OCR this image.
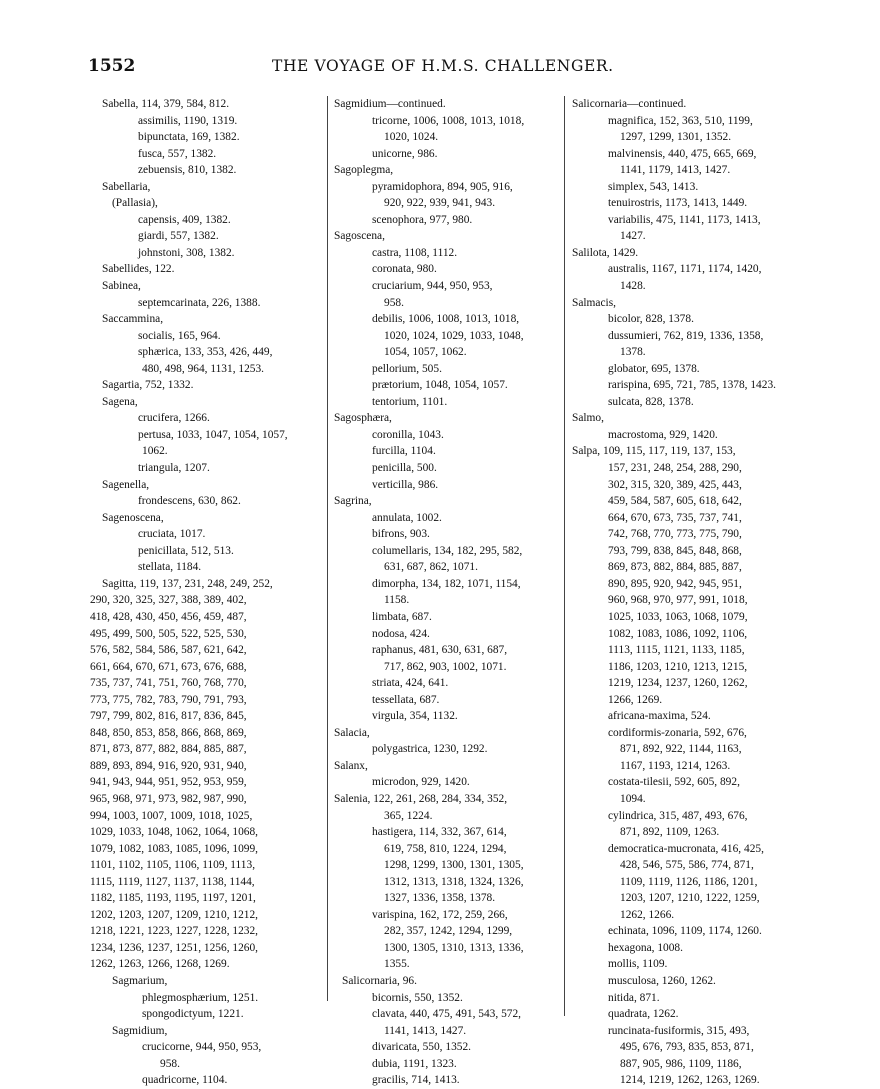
1552	THE VOYAGE OF H.M.S. CHALLENGER.
Sabella, 114, 379, 584, 812.
assimilis, 1190, 1319.
bipunctata, 169, 1382.
fusca, 557, 1382.
zebuensis, 810, 1382.
Sabellaria,
(Pallasia),
capensis, 409, 1382.
giardi, 557, 1382.
johnstoni, 308, 1382.
Sabellides, 122.
Sabinea,
septemcarinata, 226, 1388.
Saccammina,
socialis, 165, 964.
sphærica, 133, 353, 426, 449,
480, 498, 964, 1131, 1253.
Sagartia, 752, 1332.
Sagena,
crucifera, 1266.
pertusa, 1033, 1047, 1054, 1057,
1062.
triangula, 1207.
Sagenella,
frondescens, 630, 862.
Sagenoscena,
cruciata, 1017.
penicillata, 512, 513.
stellata, 1184.
Sagitta, 119, 137, 231, 248, 249, 252,
290, 320, 325, 327, 388, 389, 402,
418, 428, 430, 450, 456, 459, 487,
495, 499, 500, 505, 522, 525, 530,
576, 582, 584, 586, 587, 621, 642,
661, 664, 670, 671, 673, 676, 688,
735, 737, 741, 751, 760, 768, 770,
773, 775, 782, 783, 790, 791, 793,
797, 799, 802, 816, 817, 836, 845,
848, 850, 853, 858, 866, 868, 869,
871, 873, 877, 882, 884, 885, 887,
889, 893, 894, 916, 920, 931, 940,
941, 943, 944, 951, 952, 953, 959,
965, 968, 971, 973, 982, 987, 990,
994, 1003, 1007, 1009, 1018, 1025,
1029, 1033, 1048, 1062, 1064, 1068,
1079, 1082, 1083, 1085, 1096, 1099,
1101, 1102, 1105, 1106, 1109, 1113,
1115, 1119, 1127, 1137, 1138, 1144,
1182, 1185, 1193, 1195, 1197, 1201,
1202, 1203, 1207, 1209, 1210, 1212,
1218, 1221, 1223, 1227, 1228, 1232,
1234, 1236, 1237, 1251, 1256, 1260,
1262, 1263, 1266, 1268, 1269.
Sagmarium,
phlegmosphærium, 1251.
spongodictyum, 1221.
Sagmidium,
crucicorne, 944, 950, 953,
958.
quadricorne, 1104.
Sagmidium—continued.
tricorne, 1006, 1008, 1013, 1018,
1020, 1024.
unicorne, 986.
Sagoplegma,
pyramidophora, 894, 905, 916,
920, 922, 939, 941, 943.
scenophora, 977, 980.
Sagoscena,
castra, 1108, 1112.
coronata, 980.
cruciarium, 944, 950, 953,
958.
debilis, 1006, 1008, 1013, 1018,
1020, 1024, 1029, 1033, 1048,
1054, 1057, 1062.
pellorium, 505.
prætorium, 1048, 1054, 1057.
tentorium, 1101.
Sagosphæra,
coronilla, 1043.
furcilla, 1104.
penicilla, 500.
verticilla, 986.
Sagrina,
annulata, 1002.
bifrons, 903.
columellaris, 134, 182, 295, 582,
631, 687, 862, 1071.
dimorpha, 134, 182, 1071, 1154,
1158.
limbata, 687.
nodosa, 424.
raphanus, 481, 630, 631, 687,
717, 862, 903, 1002, 1071.
striata, 424, 641.
tessellata, 687.
virgula, 354, 1132.
Salacia,
polygastrica, 1230, 1292.
Salanx,
microdon, 929, 1420.
Salenia, 122, 261, 268, 284, 334, 352,
365, 1224.
hastigera, 114, 332, 367, 614,
619, 758, 810, 1224, 1294,
1298, 1299, 1300, 1301, 1305,
1312, 1313, 1318, 1324, 1326,
1327, 1336, 1358, 1378.
varispina, 162, 172, 259, 266,
282, 357, 1242, 1294, 1299,
1300, 1305, 1310, 1313, 1336,
1355.
Salicornaria, 96.
bicornis, 550, 1352.
clavata, 440, 475, 491, 543, 572,
1141, 1413, 1427.
divaricata, 550, 1352.
dubia, 1191, 1323.
gracilis, 714, 1413.
Salicornaria—continued.
magnifica, 152, 363, 510, 1199,
1297, 1299, 1301, 1352.
malvinensis, 440, 475, 665, 669,
1141, 1179, 1413, 1427.
simplex, 543, 1413.
tenuirostris, 1173, 1413, 1449.
variabilis, 475, 1141, 1173, 1413,
1427.
Salilota, 1429.
australis, 1167, 1171, 1174, 1420,
1428.
Salmacis,
bicolor, 828, 1378.
dussumieri, 762, 819, 1336, 1358,
1378.
globator, 695, 1378.
rarispina, 695, 721, 785, 1378, 1423.
sulcata, 828, 1378.
Salmo,
macrostoma, 929, 1420.
Salpa, 109, 115, 117, 119, 137, 153,
157, 231, 248, 254, 288, 290,
302, 315, 320, 389, 425, 443,
459, 584, 587, 605, 618, 642,
664, 670, 673, 735, 737, 741,
742, 768, 770, 773, 775, 790,
793, 799, 838, 845, 848, 868,
869, 873, 882, 884, 885, 887,
890, 895, 920, 942, 945, 951,
960, 968, 970, 977, 991, 1018,
1025, 1033, 1063, 1068, 1079,
1082, 1083, 1086, 1092, 1106,
1113, 1115, 1121, 1133, 1185,
1186, 1203, 1210, 1213, 1215,
1219, 1234, 1237, 1260, 1262,
1266, 1269.
africana-maxima, 524.
cordiformis-zonaria, 592, 676,
871, 892, 922, 1144, 1163,
1167, 1193, 1214, 1263.
costata-tilesii, 592, 605, 892,
1094.
cylindrica, 315, 487, 493, 676,
871, 892, 1109, 1263.
democratica-mucronata, 416, 425,
428, 546, 575, 586, 774, 871,
1109, 1119, 1126, 1186, 1201,
1203, 1207, 1210, 1222, 1259,
1262, 1266.
echinata, 1096, 1109, 1174, 1260.
hexagona, 1008.
mollis, 1109.
musculosa, 1260, 1262.
nitida, 871.
quadrata, 1262.
runcinata-fusiformis, 315, 493,
495, 676, 793, 835, 853, 871,
887, 905, 986, 1109, 1186,
1214, 1219, 1262, 1263, 1269.
